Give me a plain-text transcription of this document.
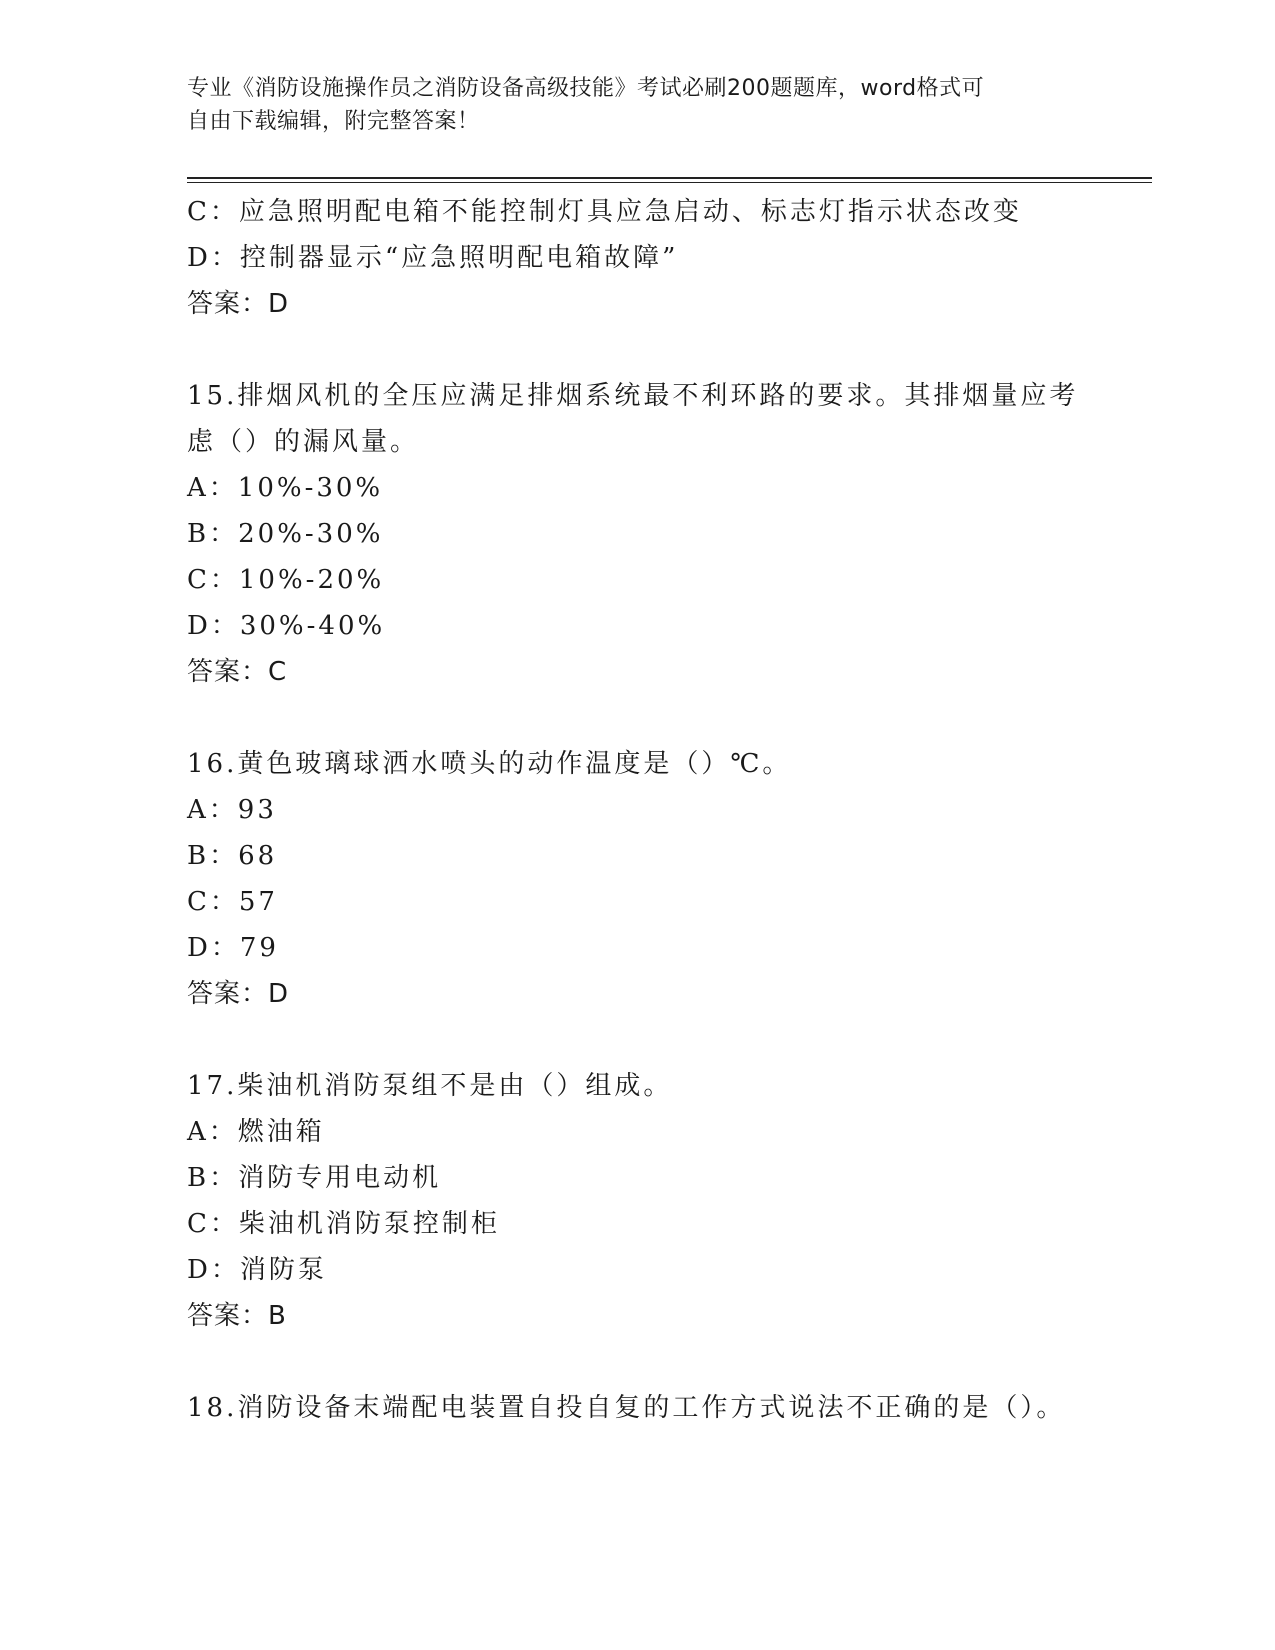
专业《消防设施操作员之消防设备高级技能》考试必刷200题题库，word格式可
自由下载编辑，附完整答案！
C：应急照明配电箱不能控制灯具应急启动、标志灯指示状态改变
D：控制器显示“应急照明配电箱故障”
答案：D
15.排烟风机的全压应满足排烟系统最不利环路的要求。其排烟量应考
虑（）的漏风量。
A：10%-30%
B：20%-30%
C：10%-20%
D：30%-40%
答案：C
16.黄色玻璃球洒水喷头的动作温度是（）℃。
A：93
B：68
C：57
D：79
答案：D
17.柴油机消防泵组不是由（）组成。
A：燃油箱
B：消防专用电动机
C：柴油机消防泵控制柜
D：消防泵
答案：B
18.消防设备末端配电装置自投自复的工作方式说法不正确的是（）。
